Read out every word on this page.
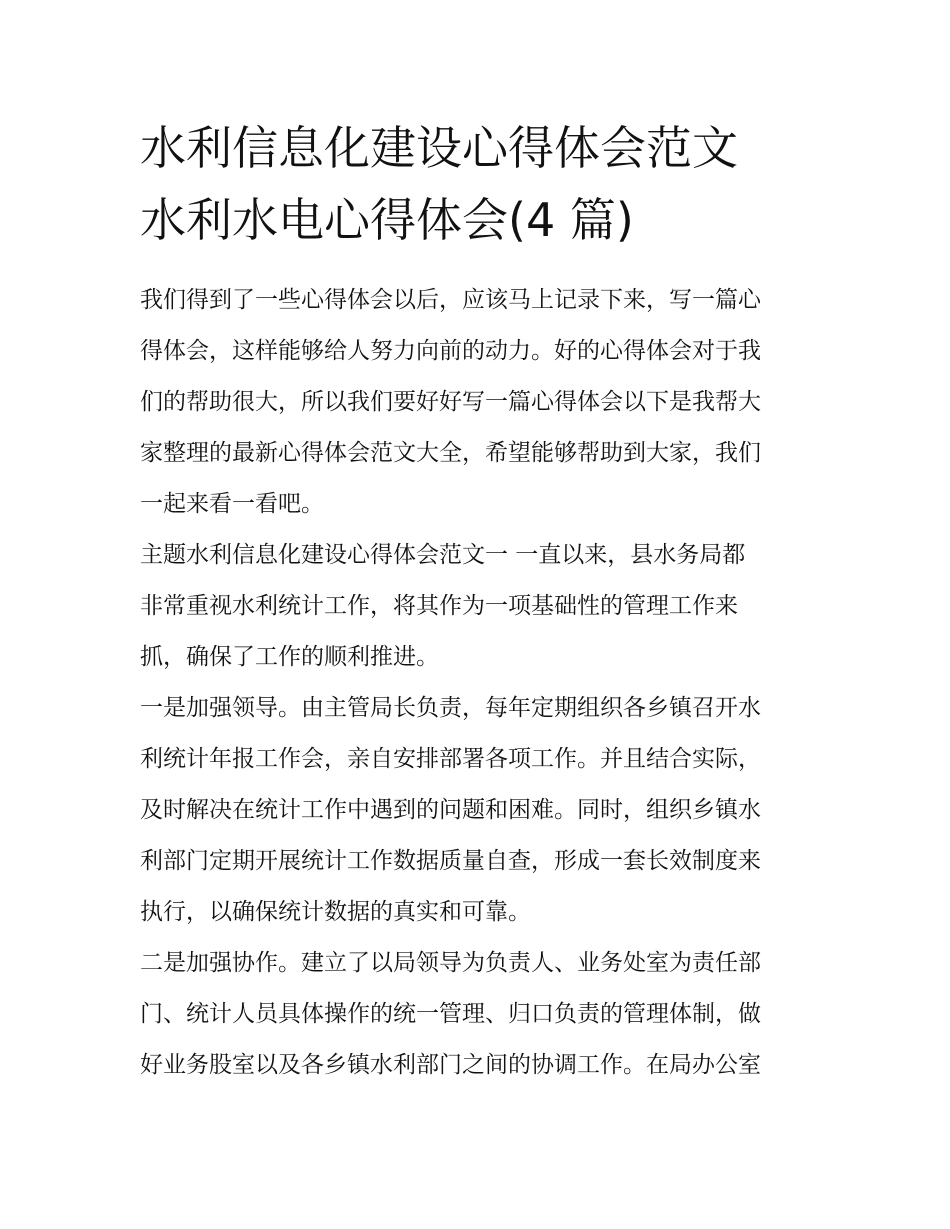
水利信息化建设心得体会范文
水利水电心得体会(4 篇)
我们得到了一些心得体会以后，应该马上记录下来，写一篇心
得体会，这样能够给人努力向前的动力。好的心得体会对于我
们的帮助很大，所以我们要好好写一篇心得体会以下是我帮大
家整理的最新心得体会范文大全，希望能够帮助到大家，我们
一起来看一看吧。
主题水利信息化建设心得体会范文一 一直以来，县水务局都
非常重视水利统计工作，将其作为一项基础性的管理工作来
抓，确保了工作的顺利推进。
一是加强领导。由主管局长负责，每年定期组织各乡镇召开水
利统计年报工作会，亲自安排部署各项工作。并且结合实际，
及时解决在统计工作中遇到的问题和困难。同时，组织乡镇水
利部门定期开展统计工作数据质量自查，形成一套长效制度来
执行，以确保统计数据的真实和可靠。
二是加强协作。建立了以局领导为负责人、业务处室为责任部
门、统计人员具体操作的统一管理、归口负责的管理体制，做
好业务股室以及各乡镇水利部门之间的协调工作。在局办公室
